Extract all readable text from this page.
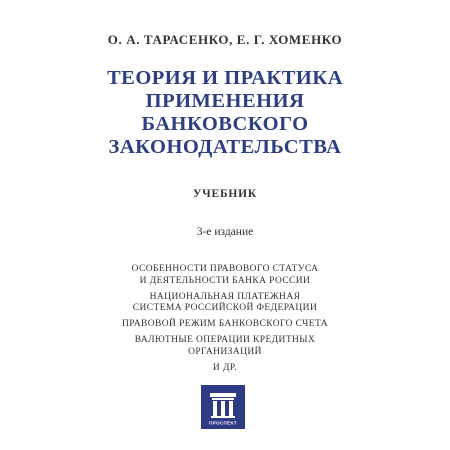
О. А. ТАРАСЕНКО, Е. Г. ХОМЕНКО
ТЕОРИЯ И ПРАКТИКА
ПРИМЕНЕНИЯ
БАНКОВСКОГО
ЗАКОНОДАТЕЛЬСТВА
УЧЕБНИК
3-е издание
ОСОБЕННОСТИ ПРАВОВОГО СТАТУСА
И ДЕЯТЕЛЬНОСТИ БАНКА РОССИИ
НАЦИОНАЛЬНАЯ ПЛАТЕЖНАЯ
СИСТЕМА РОССИЙСКОЙ ФЕДЕРАЦИИ
ПРАВОВОЙ РЕЖИМ БАНКОВСКОГО СЧЕТА
ВАЛЮТНЫЕ ОПЕРАЦИИ КРЕДИТНЫХ
ОРГАНИЗАЦИЙ
И ДР.
ПРОСПЕКТ
